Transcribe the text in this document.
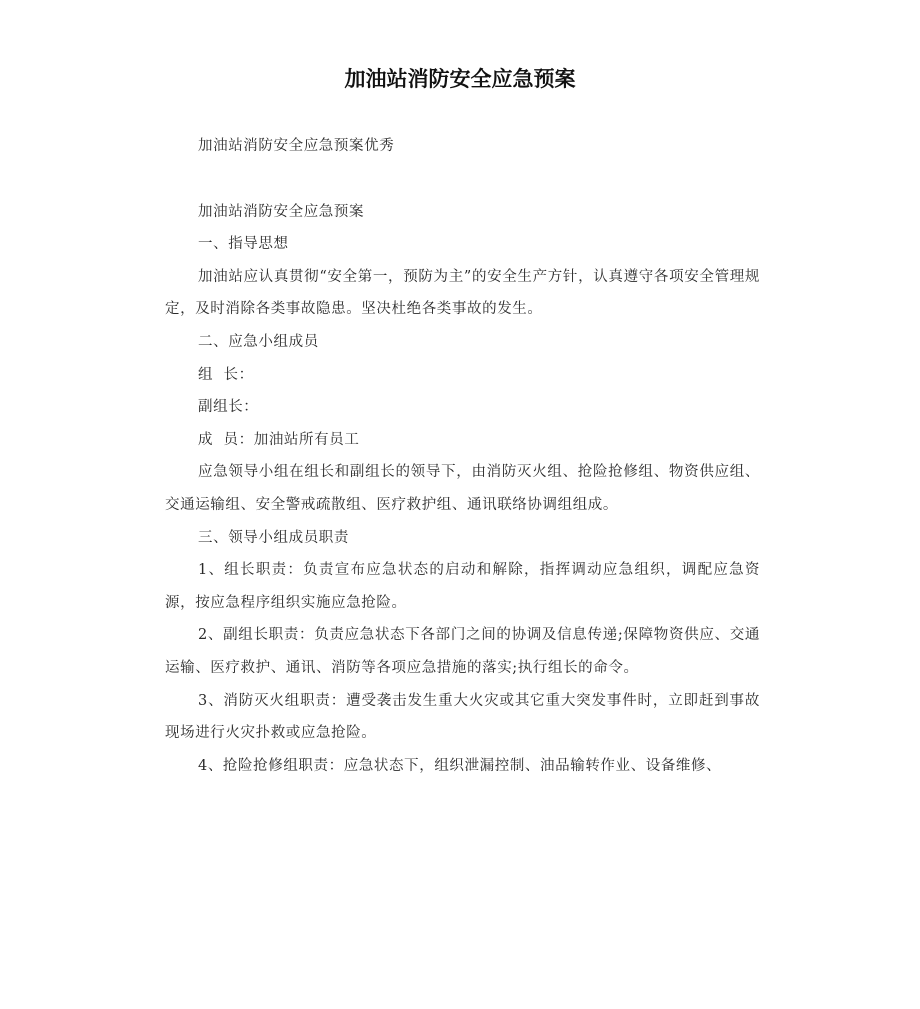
加油站消防安全应急预案

加油站消防安全应急预案优秀

加油站消防安全应急预案

一、指导思想

加油站应认真贯彻“安全第一，预防为主”的安全生产方针，认真遵守各项安全管理规定，及时消除各类事故隐患。坚决杜绝各类事故的发生。

二、应急小组成员

组  长：

副组长：

成  员：加油站所有员工

应急领导小组在组长和副组长的领导下，由消防灭火组、抢险抢修组、物资供应组、交通运输组、安全警戒疏散组、医疗救护组、通讯联络协调组组成。

三、领导小组成员职责

1、组长职责：负责宣布应急状态的启动和解除，指挥调动应急组织，调配应急资源，按应急程序组织实施应急抢险。

2、副组长职责：负责应急状态下各部门之间的协调及信息传递;保障物资供应、交通运输、医疗救护、通讯、消防等各项应急措施的落实;执行组长的命令。

3、消防灭火组职责：遭受袭击发生重大火灾或其它重大突发事件时，立即赶到事故现场进行火灾扑救或应急抢险。

4、抢险抢修组职责：应急状态下，组织泄漏控制、油品输转作业、设备维修、
